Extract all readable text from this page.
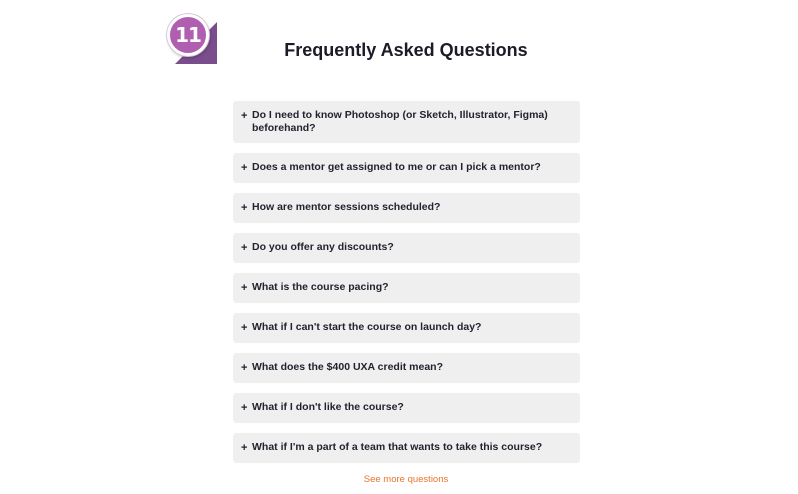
11
Frequently Asked Questions
+ Do I need to know Photoshop (or Sketch, Illustrator, Figma) beforehand?
+ Does a mentor get assigned to me or can I pick a mentor?
+ How are mentor sessions scheduled?
+ Do you offer any discounts?
+ What is the course pacing?
+ What if I can't start the course on launch day?
+ What does the $400 UXA credit mean?
+ What if I don't like the course?
+ What if I'm a part of a team that wants to take this course?
See more questions
